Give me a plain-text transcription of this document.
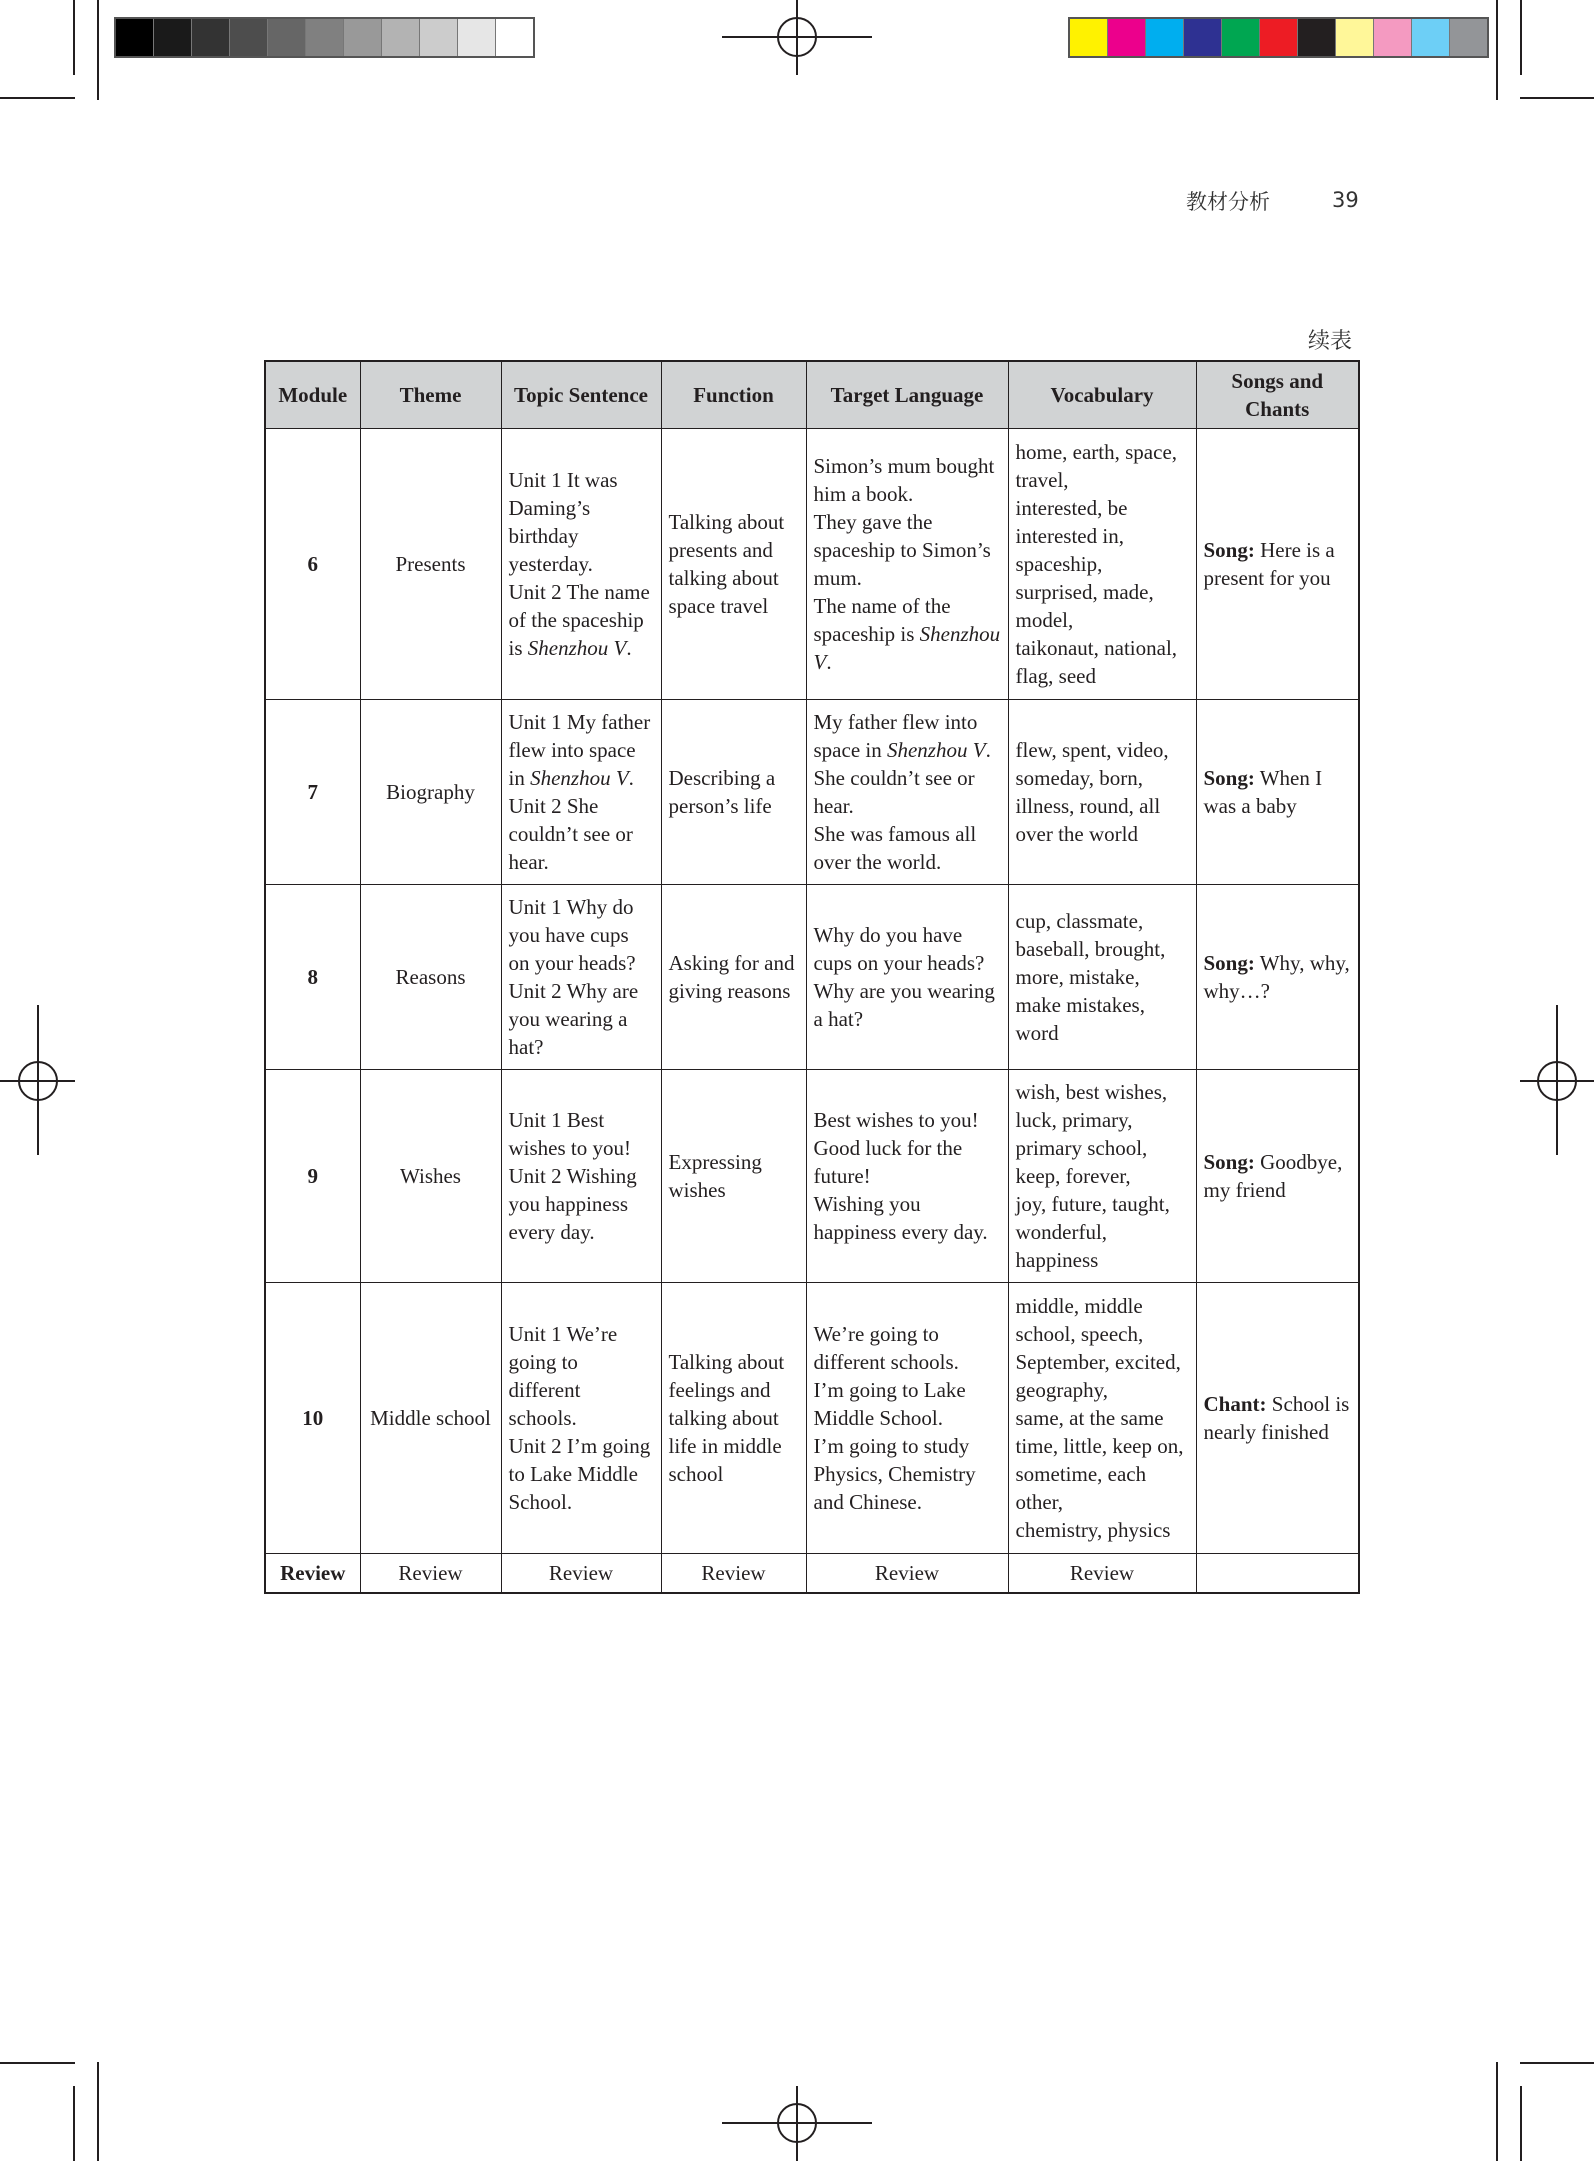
教材分析	39
续表
Module	Theme	Topic Sentence	Function	Target Language	Vocabulary	Songs and
Chants

6	Presents	Unit 1 It was Daming’s birthday yesterday.
Unit 2 The name of the spaceship is Shenzhou V.	Talking about presents and talking about space travel	Simon’s mum bought him a book.
They gave the spaceship to Simon’s mum.
The name of the spaceship is Shenzhou V.	home, earth, space, travel,
interested, be interested in,
spaceship, surprised, made, model,
taikonaut, national, flag, seed	Song: Here is a present for you
7	Biography	Unit 1 My father flew into space in Shenzhou V.
Unit 2 She couldn’t see or hear.	Describing a person’s life	My father flew into space in Shenzhou V.
She couldn’t see or hear.
She was famous all over the world.	flew, spent, video, someday, born, illness, round, all over the world	Song: When I was a baby
8	Reasons	Unit 1 Why do you have cups on your heads?
Unit 2 Why are you wearing a hat?	Asking for and giving reasons	Why do you have cups on your heads?
Why are you wearing a hat?	cup, classmate, baseball, brought, more, mistake, make mistakes, word	Song: Why, why, why…?
9	Wishes	Unit 1 Best wishes to you!
Unit 2 Wishing you happiness every day.	Expressing wishes	Best wishes to you!
Good luck for the future!
Wishing you happiness every day.	wish, best wishes, luck, primary, primary school, keep, forever,
joy, future, taught, wonderful, happiness	Song: Goodbye, my friend
10	Middle school	Unit 1 We’re going to different schools.
Unit 2 I’m going to Lake Middle School.	Talking about feelings and talking about life in middle school	We’re going to different schools.
I’m going to Lake Middle School.
I’m going to study Physics, Chemistry and Chinese.	middle, middle school, speech, September, excited, geography,
same, at the same time, little, keep on, sometime, each other,
chemistry, physics	Chant: School is nearly finished
Review	Review	Review	Review	Review	Review	
